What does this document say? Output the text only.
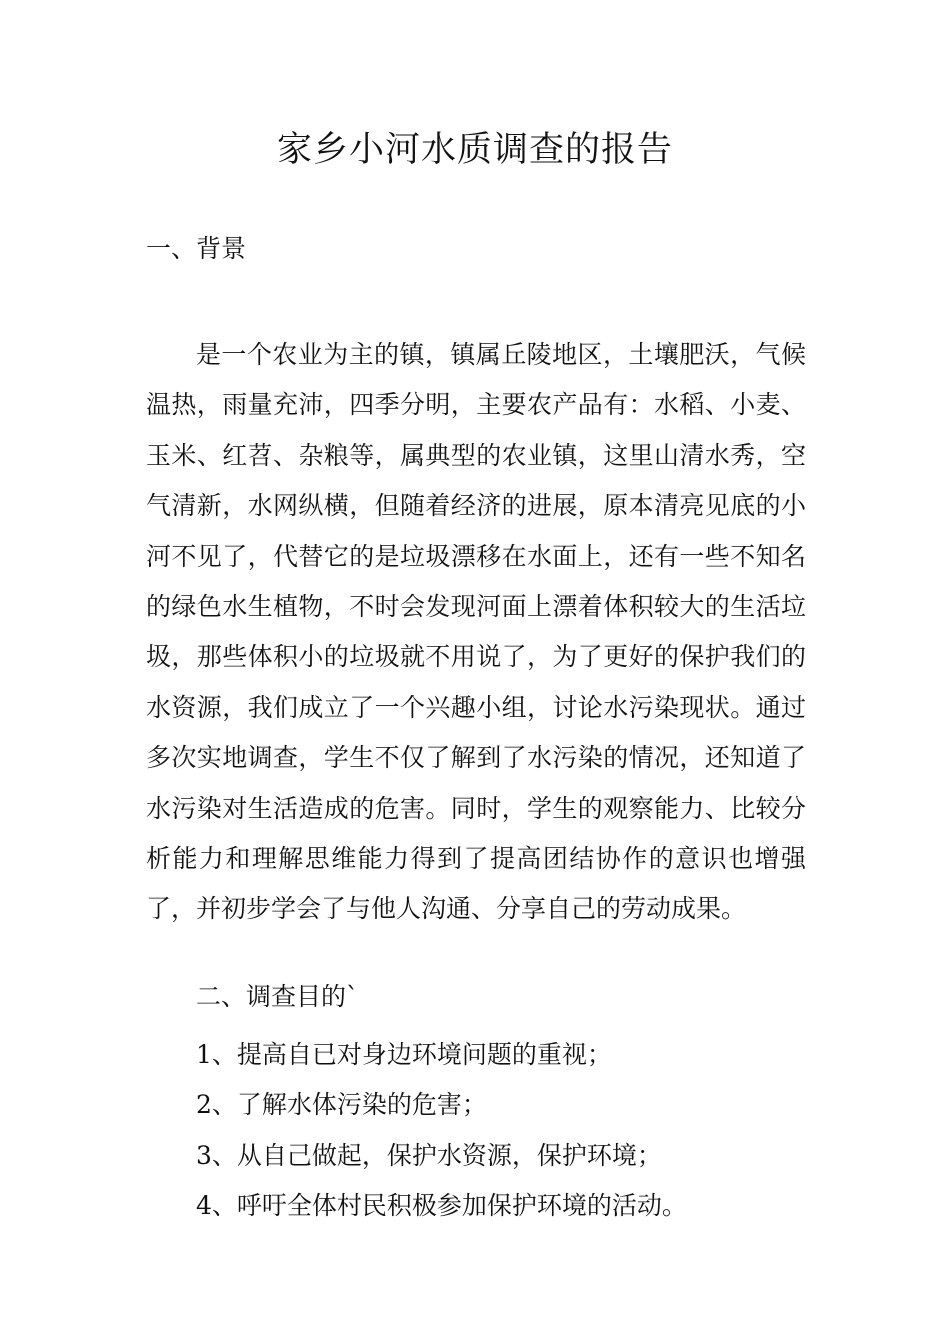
家乡小河水质调查的报告
一、背景

是一个农业为主的镇，镇属丘陵地区，土壤肥沃，气候温热，雨量充沛，四季分明，主要农产品有：水稻、小麦、玉米、红苕、杂粮等，属典型的农业镇，这里山清水秀，空气清新，水网纵横，但随着经济的进展，原本清亮见底的小河不见了，代替它的是垃圾漂移在水面上，还有一些不知名的绿色水生植物，不时会发现河面上漂着体积较大的生活垃圾，那些体积小的垃圾就不用说了，为了更好的保护我们的水资源，我们成立了一个兴趣小组，讨论水污染现状。通过多次实地调查，学生不仅了解到了水污染的情况，还知道了水污染对生活造成的危害。同时，学生的观察能力、比较分析能力和理解思维能力得到了提高团结协作的意识也增强了，并初步学会了与他人沟通、分享自己的劳动成果。

二、调查目的`
1、提高自已对身边环境问题的重视；
2、了解水体污染的危害；
3、从自己做起，保护水资源，保护环境；
4、呼吁全体村民积极参加保护环境的活动。
